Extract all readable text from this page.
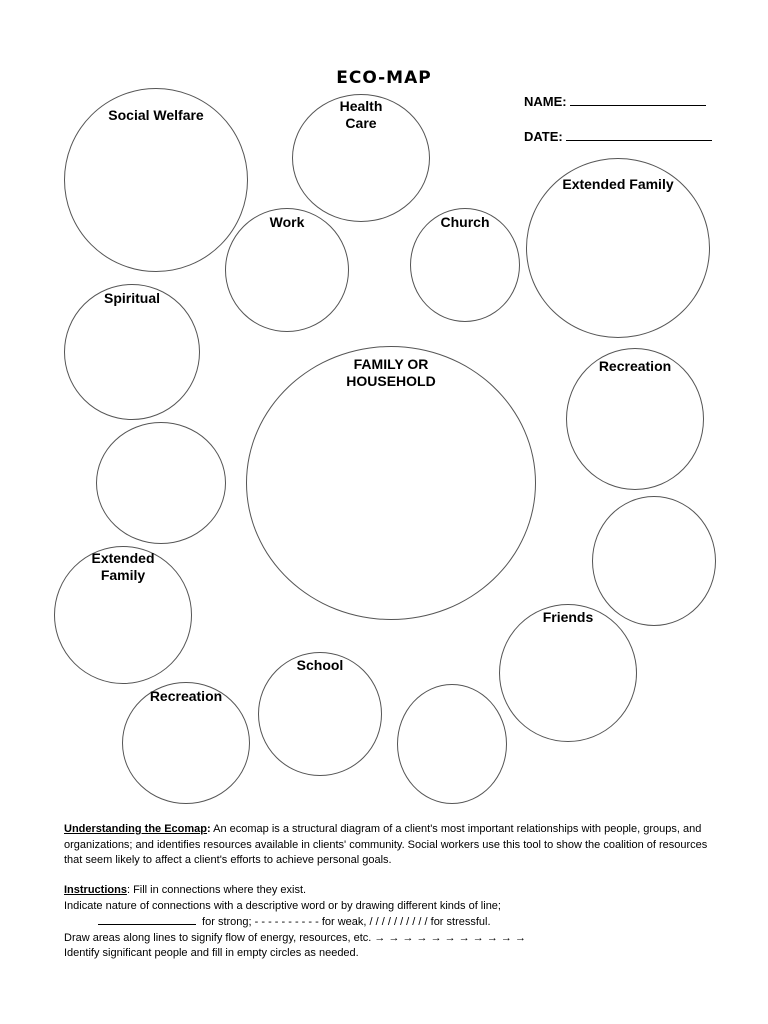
ECO-MAP
NAME:
DATE:
Social Welfare
Health
Care
Extended Family
Work	Church
Spiritual
FAMILY OR
HOUSEHOLD
Recreation
Extended
Family
Friends
School
Recreation
Understanding the Ecomap: An ecomap is a structural diagram of a client's most important relationships with people, groups, and organizations; and identifies resources available in clients' community. Social workers use this tool to show the coalition of resources that seem likely to affect a client's efforts to achieve personal goals.
Instructions: Fill in connections where they exist.
Indicate nature of connections with a descriptive word or by drawing different kinds of line;
for strong; - - - - - - - - - - for weak, / / / / / / / / / / for stressful.
Draw areas along lines to signify flow of energy, resources, etc. → → → → → → → → → → →
Identify significant people and fill in empty circles as needed.
